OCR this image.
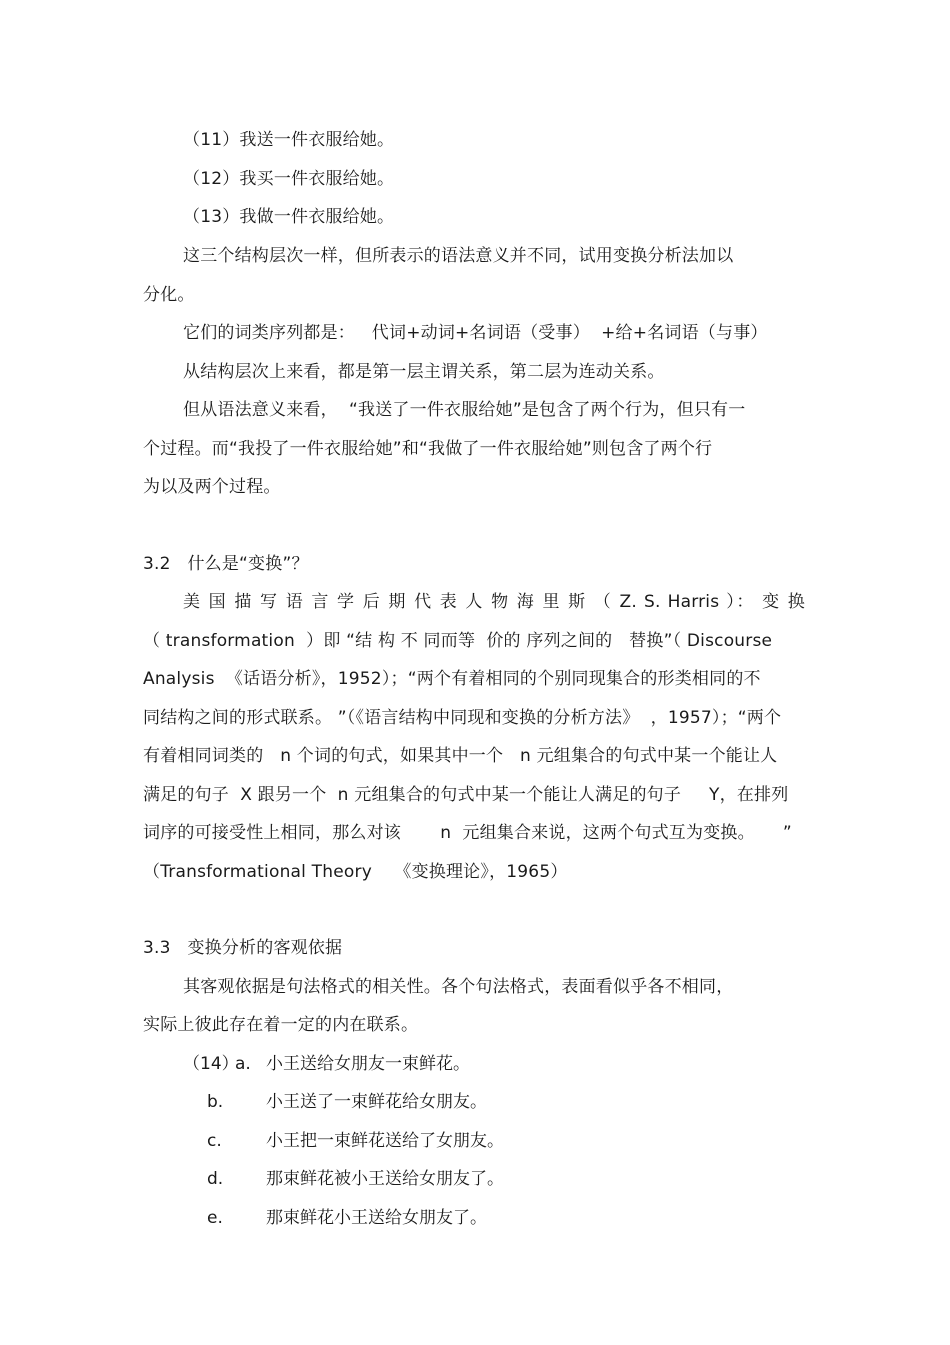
（11）我送一件衣服给她。
（12）我买一件衣服给她。
（13）我做一件衣服给她。
这三个结构层次一样，但所表示的语法意义并不同，试用变换分析法加以
分化。
它们的词类序列都是：   代词+动词+名词语（受事）  +给+名词语（与事）
从结构层次上来看，都是第一层主谓关系，第二层为连动关系。
但从语法意义来看，  “我送了一件衣服给她”是包含了两个行为，但只有一
个过程。而“我投了一件衣服给她”和“我做了一件衣服给她”则包含了两个行
为以及两个过程。
3.2   什么是“变换”？
美 国 描 写 语 言 学 后 期 代 表 人 物 海 里 斯 （ Z. S. Harris ）： 变 换
（ transformation  ）即 “结 构 不 同而等  价的 序列之间的   替换”（ Discourse
Analysis  《话语分析》，1952）；“两个有着相同的个别同现集合的形类相同的不
同结构之间的形式联系。 ”（《语言结构中同现和变换的分析方法》  ，1957）；“两个
有着相同词类的   n 个词的句式，如果其中一个   n 元组集合的句式中某一个能让人
满足的句子  X 跟另一个  n 元组集合的句式中某一个能让人满足的句子     Y，在排列
词序的可接受性上相同，那么对该       n  元组集合来说，这两个句式互为变换。     ”
（Transformational Theory    《变换理论》，1965）
3.3   变换分析的客观依据
其客观依据是句法格式的相关性。各个句法格式，表面看似乎各不相同，
实际上彼此存在着一定的内在联系。
（14）
a. 小王送给女朋友一束鲜花。
b.	小王送了一束鲜花给女朋友。
c.	小王把一束鲜花送给了女朋友。
d.	那束鲜花被小王送给女朋友了。
e.	那束鲜花小王送给女朋友了。
